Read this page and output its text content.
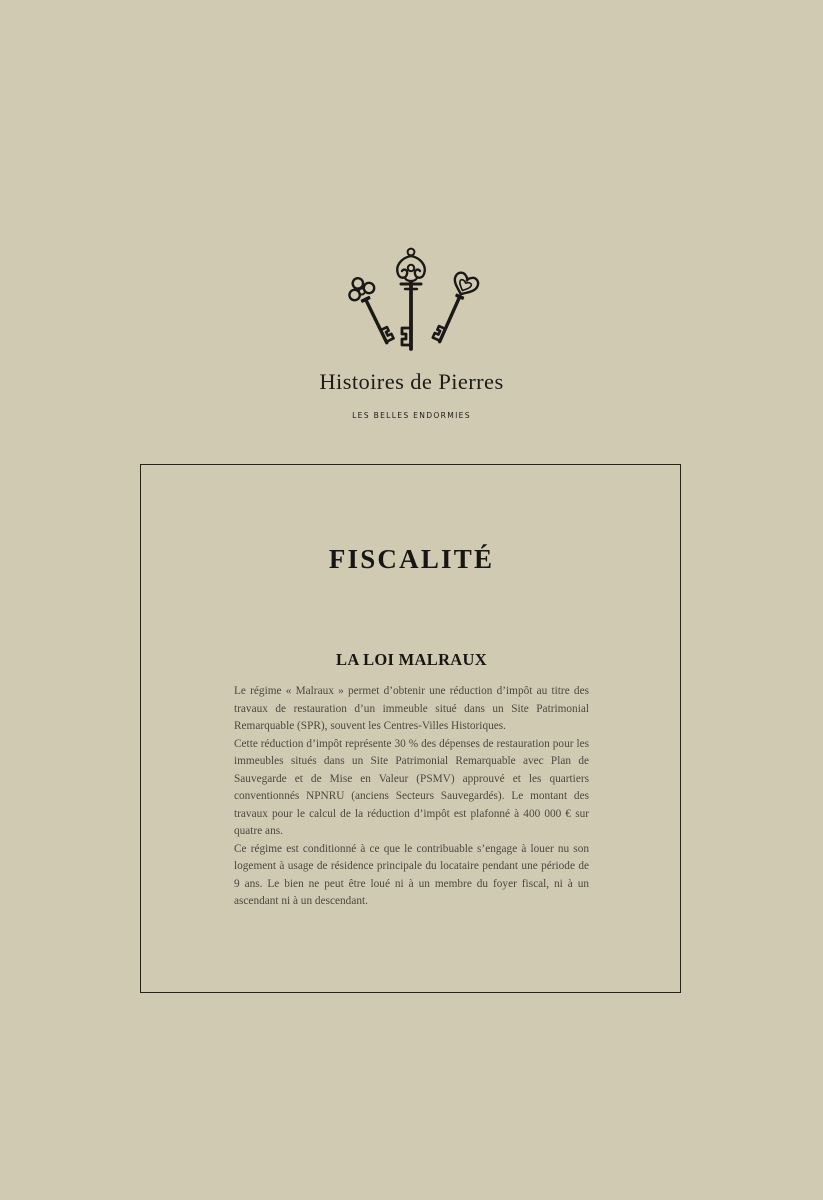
Histoires de Pierres
LES BELLES ENDORMIES
FISCALITÉ
LA LOI MALRAUX

Le régime « Malraux » permet d’obtenir une réduction d’impôt au titre des travaux de restauration d’un immeuble situé dans un Site Patrimonial Remarquable (SPR), souvent les Centres-Villes Historiques.

Cette réduction d’impôt représente 30 % des dépenses de restauration pour les immeubles situés dans un Site Patrimonial Remarquable avec Plan de Sauvegarde et de Mise en Valeur (PSMV) approuvé et les quartiers conventionnés NPNRU (anciens Secteurs Sauvegardés). Le montant des travaux pour le calcul de la réduction d’impôt est plafonné à 400 000 € sur quatre ans.

Ce régime est conditionné à ce que le contribuable s’engage à louer nu son logement à usage de résidence principale du locataire pendant une période de 9 ans. Le bien ne peut être loué ni à un membre du foyer fiscal, ni à un ascendant ni à un descendant.
